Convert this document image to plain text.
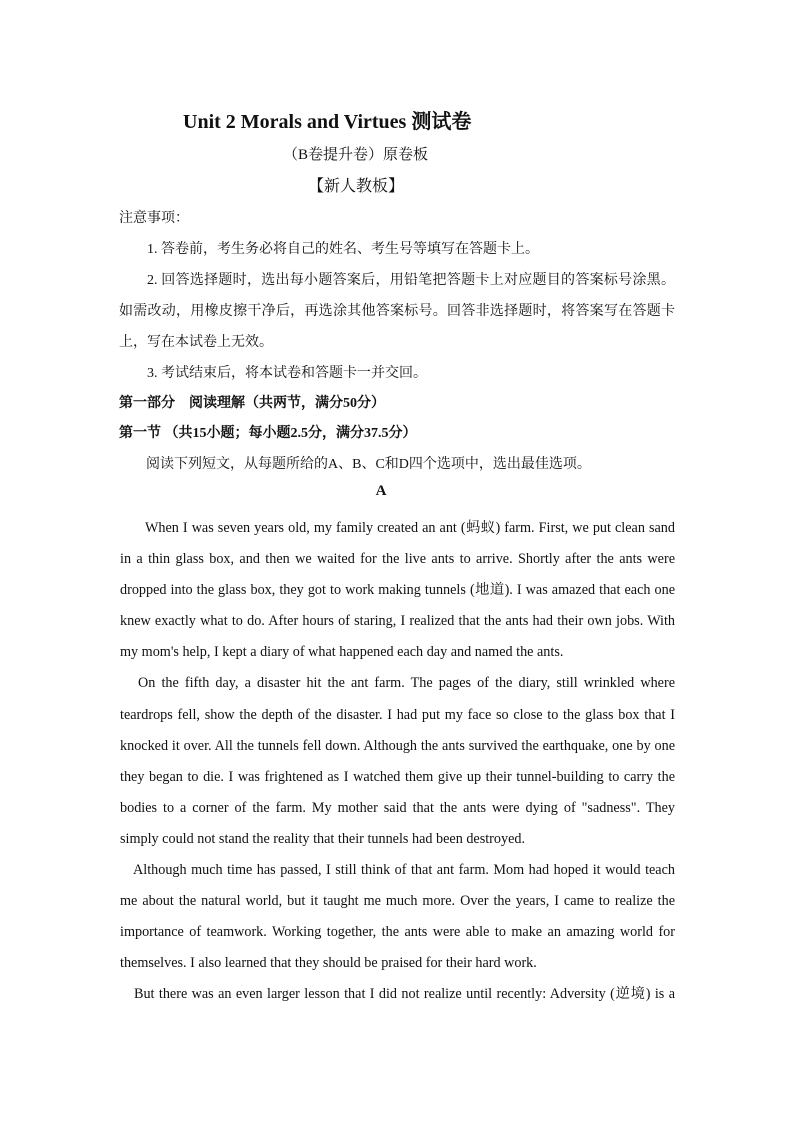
Unit 2 Morals and Virtues 测试卷
（B卷提升卷）原卷板
【新人教板】
注意事项：
1. 答卷前，考生务必将自己的姓名、考生号等填写在答题卡上。
2. 回答选择题时，选出每小题答案后，用铅笔把答题卡上对应题目的答案标号涂黑。如需改动，用橡皮擦干净后，再选涂其他答案标号。回答非选择题时，将答案写在答题卡上，写在本试卷上无效。
3. 考试结束后，将本试卷和答题卡一并交回。
第一部分　阅读理解（共两节，满分50分）
第一节 （共15小题；每小题2.5分，满分37.5分）
阅读下列短文，从每题所给的A、B、C和D四个选项中，选出最佳选项。
A

When I was seven years old, my family created an ant (蚂蚁) farm. First, we put clean sand in a thin glass box, and then we waited for the live ants to arrive. Shortly after the ants were dropped into the glass box, they got to work making tunnels (地道). I was amazed that each one knew exactly what to do. After hours of staring, I realized that the ants had their own jobs. With my mom's help, I kept a diary of what happened each day and named the ants.

On the fifth day, a disaster hit the ant farm. The pages of the diary, still wrinkled where teardrops fell, show the depth of the disaster. I had put my face so close to the glass box that I knocked it over. All the tunnels fell down. Although the ants survived the earthquake, one by one they began to die. I was frightened as I watched them give up their tunnel-building to carry the bodies to a corner of the farm. My mother said that the ants were dying of "sadness". They simply could not stand the reality that their tunnels had been destroyed.

Although much time has passed, I still think of that ant farm. Mom had hoped it would teach me about the natural world, but it taught me much more. Over the years, I came to realize the importance of teamwork. Working together, the ants were able to make an amazing world for themselves. I also learned that they should be praised for their hard work.

But there was an even larger lesson that I did not realize until recently: Adversity (逆境) is a
